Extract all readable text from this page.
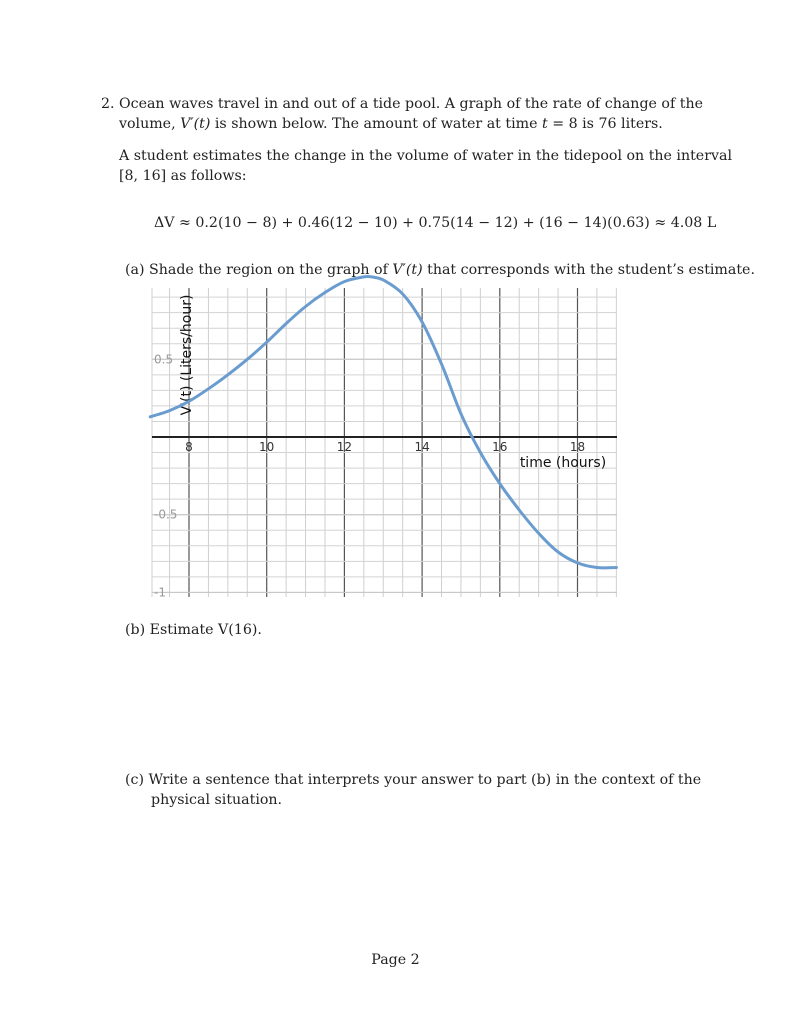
2. Ocean waves travel in and out of a tide pool. A graph of the rate of change of the
volume, V′(t) is shown below. The amount of water at time t = 8 is 76 liters.
A student estimates the change in the volume of water in the tidepool on the interval
[8, 16] as follows:
ΔV ≈ 0.2(10 − 8) + 0.46(12 − 10) + 0.75(14 − 12) + (16 − 14)(0.63) ≈ 4.08 L
(a) Shade the region on the graph of V′(t) that corresponds with the student’s estimate.
8	10	12	14	16	18
0.5
-0.5
-1
time (hours)
V'(t) (Liters/hour)
(b) Estimate V(16).
(c) Write a sentence that interprets your answer to part (b) in the context of the
physical situation.
Page 2
